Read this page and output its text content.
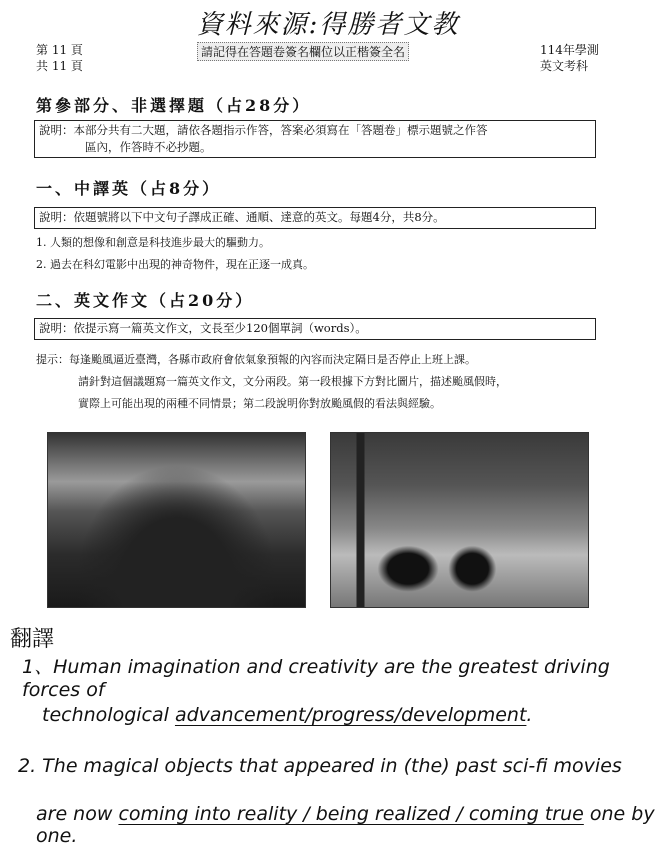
資料來源:得勝者文教
第 11 頁
共 11 頁
請記得在答題卷簽名欄位以正楷簽全名	114年學測
英文考科
第參部分、非選擇題（占28分）
說明：本部分共有二大題，請依各題指示作答，答案必須寫在「答題卷」標示題號之作答
區內，作答時不必抄題。
一、中譯英（占8分）
說明：依題號將以下中文句子譯成正確、通順、達意的英文。每題4分，共8分。
1. 人類的想像和創意是科技進步最大的驅動力。
2. 過去在科幻電影中出現的神奇物件，現在正逐一成真。
二、英文作文（占20分）
說明：依提示寫一篇英文作文，文長至少120個單詞（words）。
提示：每逢颱風逼近臺灣，各縣市政府會依氣象預報的內容而決定隔日是否停止上班上課。
請針對這個議題寫一篇英文作文，文分兩段。第一段根據下方對比圖片，描述颱風假時，
實際上可能出現的兩種不同情景；第二段說明你對放颱風假的看法與經驗。
翻譯
1、Human imagination and creativity are the greatest driving forces of
technological advancement/progress/development.
2. The magical objects that appeared in (the) past sci-fi movies
are now coming into reality / being realized / coming true one by one.
